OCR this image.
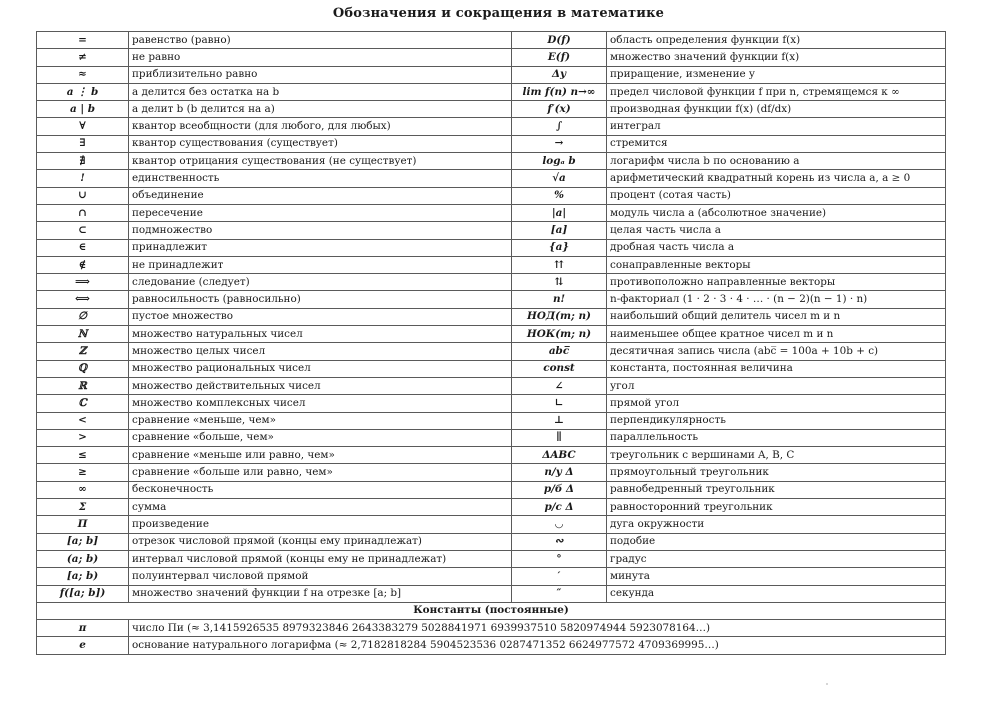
Обозначения и сокращения в математике
=	равенство (равно)	D(f)	область определения функции f(x)
≠	не равно	E(f)	множество значений функции f(x)
≈	приблизительно равно	Δy	приращение, изменение y
a ⋮ b	a делится без остатка на b	lim f(n) n→∞	предел числовой функции f при n, стремящемся к ∞
a | b	a делит b (b делится на a)	f′(x)	производная функции f(x) (df/dx)
∀	квантор всеобщности (для любого, для любых)	∫	интеграл
∃	квантор существования (существует)	→	стремится
∄	квантор отрицания существования (не существует)	logₐ b	логарифм числа b по основанию a
!	единственность	√a	арифметический квадратный корень из числа a, a ≥ 0
∪	объединение	%	процент (сотая часть)
∩	пересечение	|a|	модуль числа a (абсолютное значение)
⊂	подмножество	[a]	целая часть числа a
∈	принадлежит	{a}	дробная часть числа a
∉	не принадлежит	⇈	сонаправленные векторы
⟹	следование (следует)	⇅	противоположно направленные векторы
⟺	равносильность (равносильно)	n!	n-факториал (1 · 2 · 3 · 4 · … · (n − 2)(n − 1) · n)
∅	пустое множество	НОД(m; n)	наибольший общий делитель чисел m и n
ℕ	множество натуральных чисел	НОК(m; n)	наименьшее общее кратное чисел m и n
ℤ	множество целых чисел	abc̅	десятичная запись числа (abc̅ = 100a + 10b + c)
ℚ	множество рациональных чисел	const	константа, постоянная величина
ℝ	множество действительных чисел	∠	угол
ℂ	множество комплексных чисел	∟	прямой угол
<	сравнение «меньше, чем»	⊥	перпендикулярность
>	сравнение «больше, чем»	∥	параллельность
≤	сравнение «меньше или равно, чем»	ΔABC	треугольник с вершинами A, B, C
≥	сравнение «больше или равно, чем»	п/у Δ	прямоугольный треугольник
∞	бесконечность	р/б Δ	равнобедренный треугольник
Σ	сумма	р/с Δ	равносторонний треугольник
Π	произведение	◡	дуга окружности
[a; b]	отрезок числовой прямой (концы ему принадлежат)	∾	подобие
(a; b)	интервал числовой прямой (концы ему не принадлежат)	°	градус
[a; b)	полуинтервал числовой прямой	′	минута
f([a; b])	множество значений функции f на отрезке [a; b]	″	секунда
Константы (постоянные)			
π	число Пи (≈ 3,1415926535 8979323846 2643383279 5028841971 6939937510 5820974944 5923078164…)		
e	основание натурального логарифма (≈ 2,7182818284 5904523536 0287471352 6624977572 4709369995…)		
